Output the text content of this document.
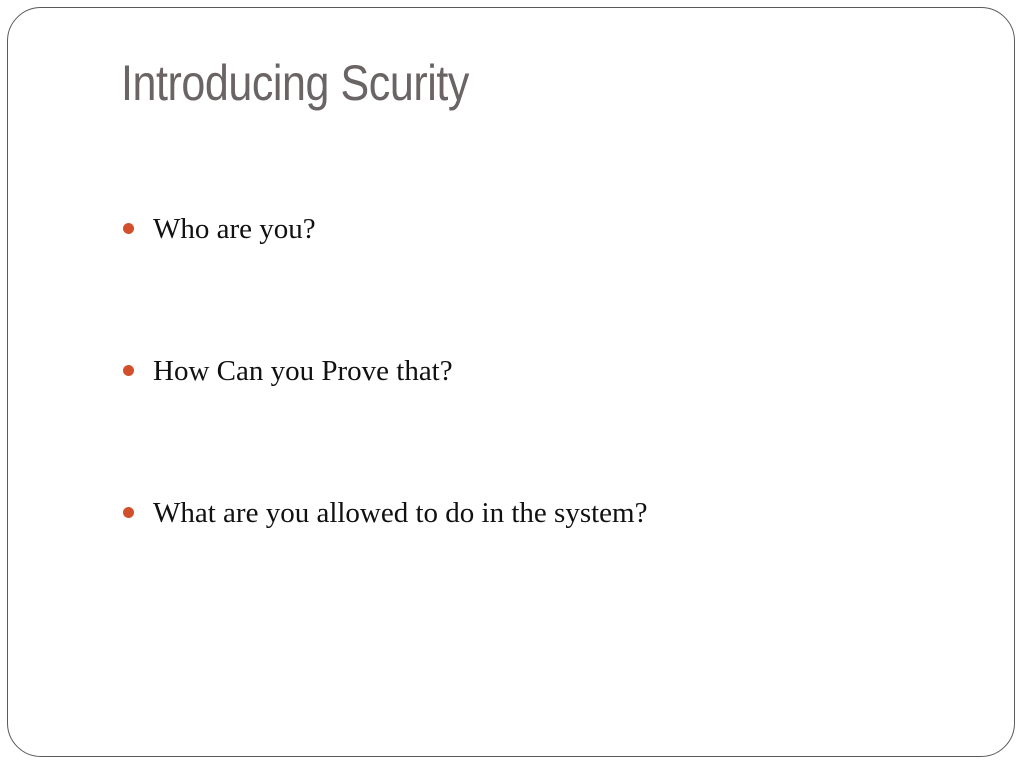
Introducing Scurity
Who are you?
How Can you Prove that?
What are you allowed to do in the system?
